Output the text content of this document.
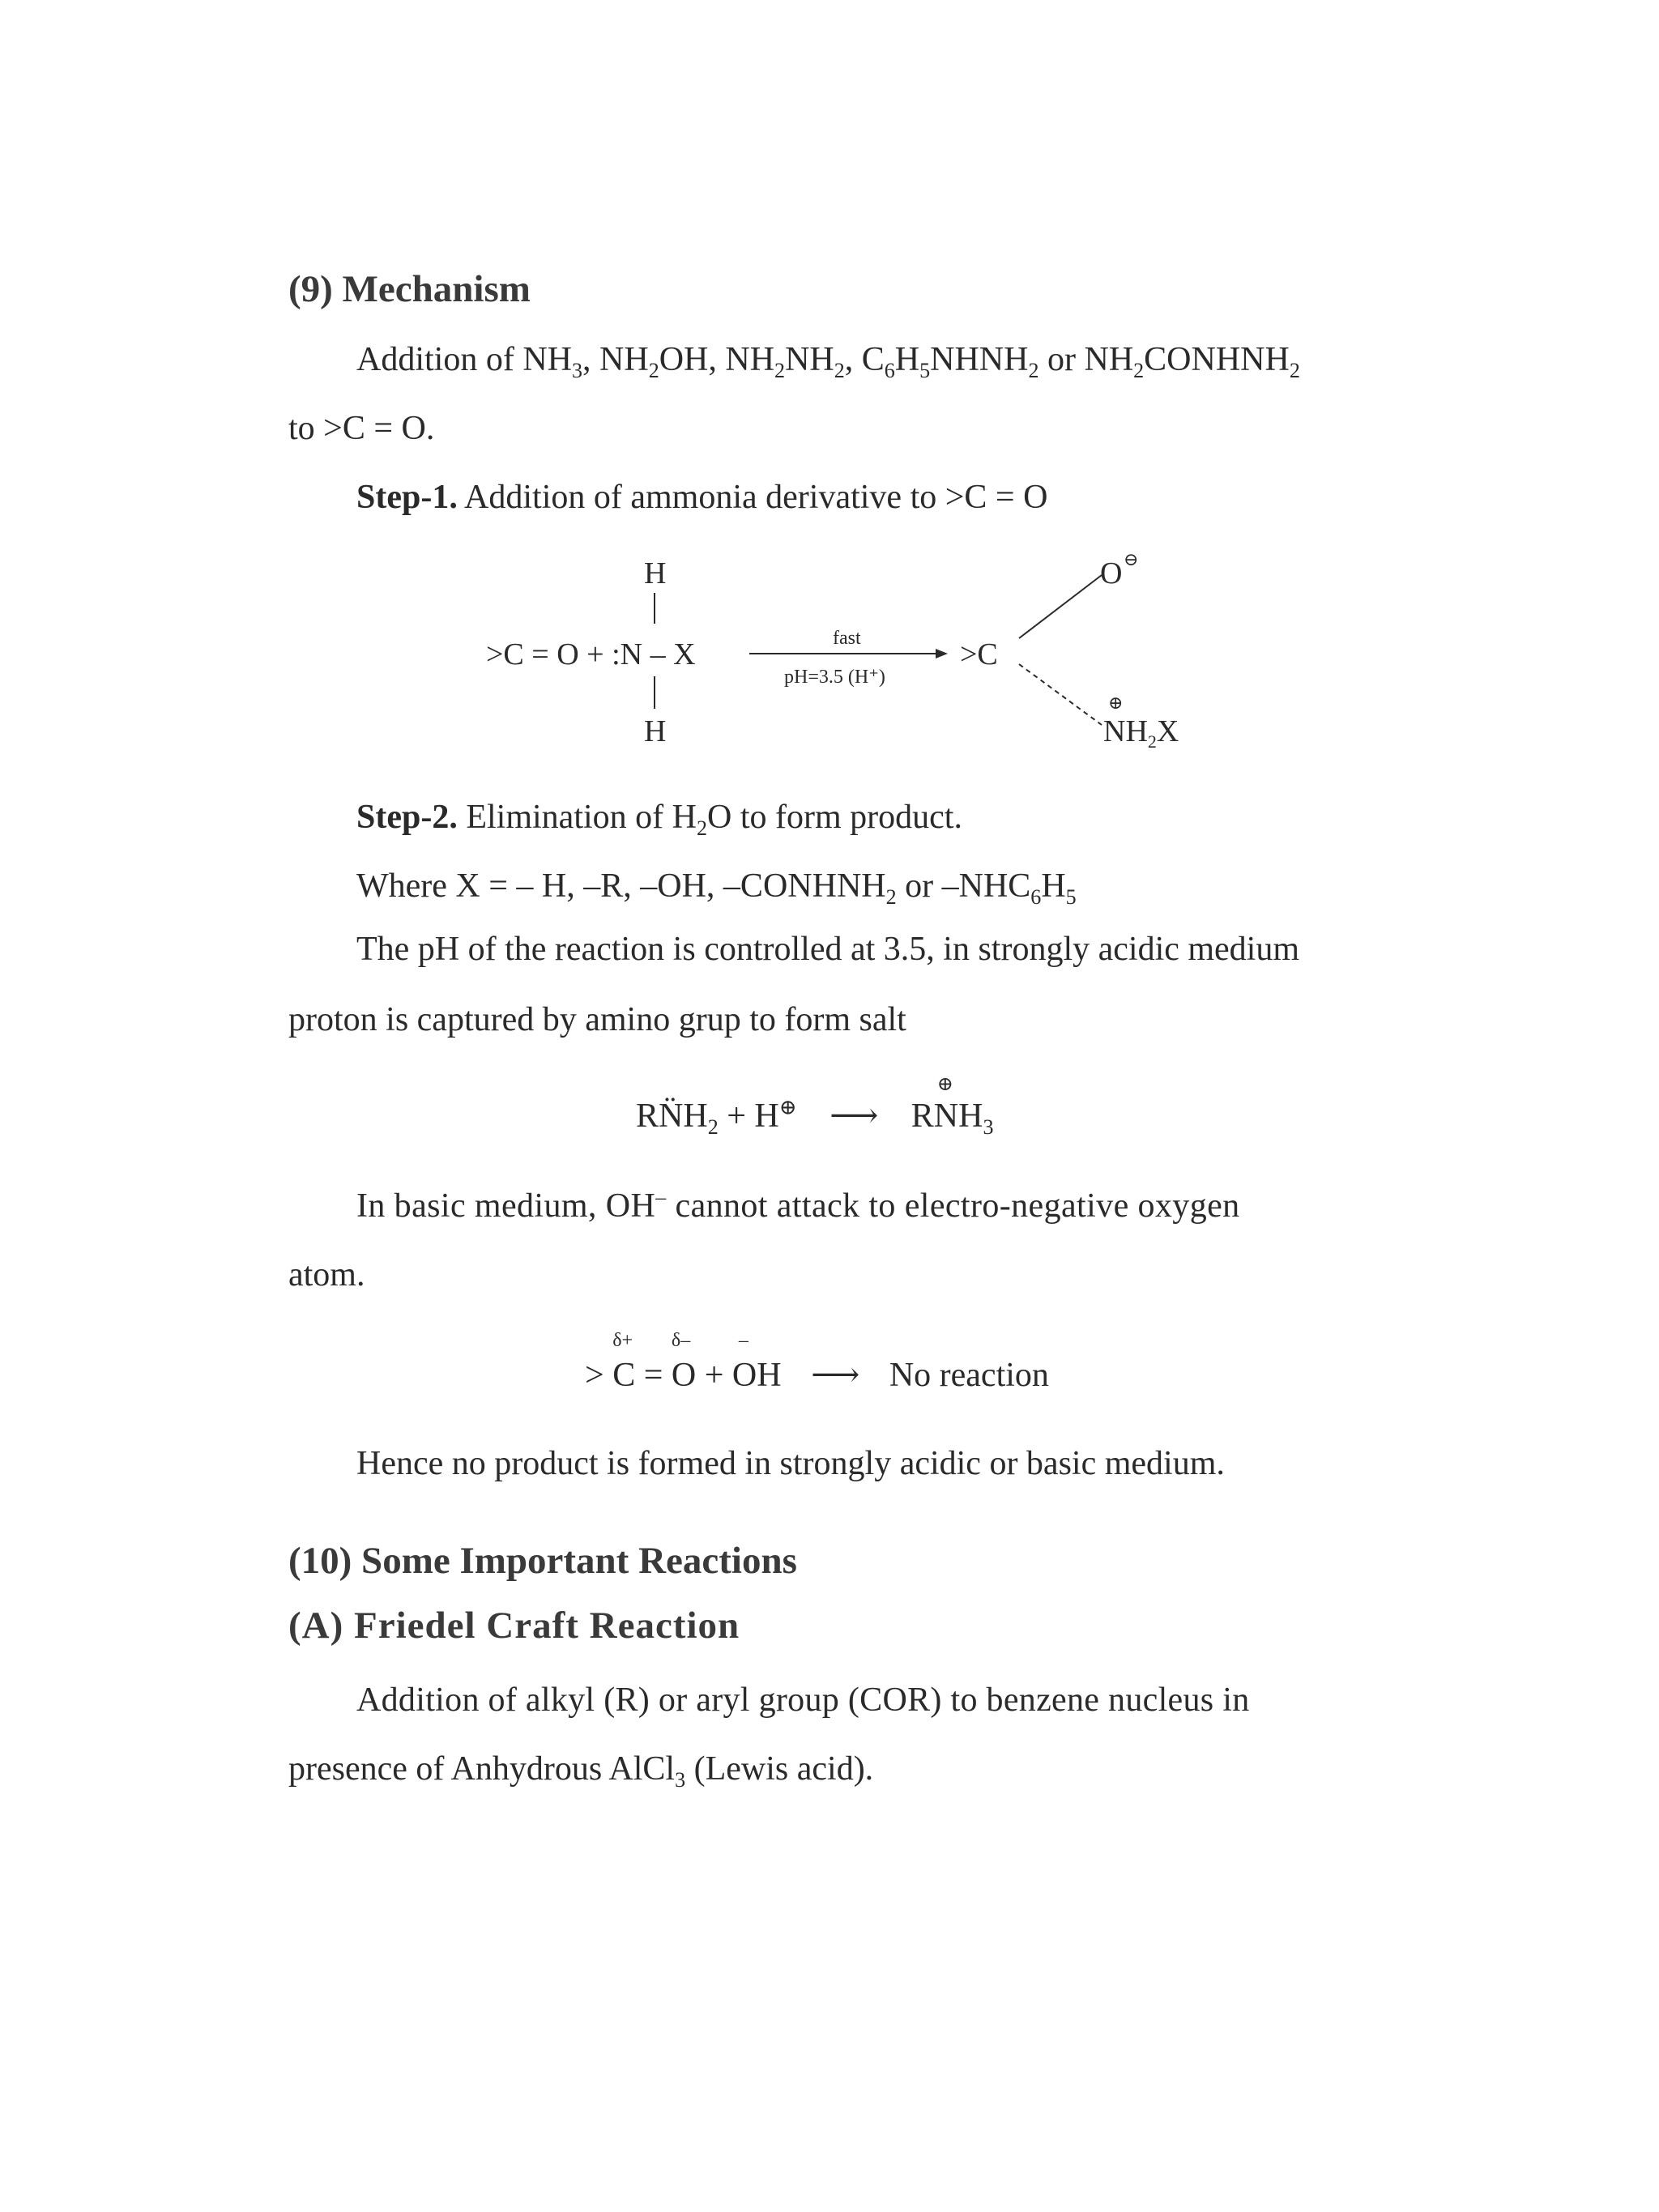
(9) Mechanism
Addition of $NH_3$, $NH_2OH$, $NH_2NH_2$, $C_6H_5NHNH_2$ or $NH_2CONHNH_2$
to >C = O.
Step-1. Addition of ammonia derivative to >C = O
H
>C = O + :N – X
H
fast
pH=3.5 (H⁺)
>C
O ⊖
⊕
$NH_2X$
Step-2. Elimination of $H_2O$ to form product.
Where X = – H, –R, –OH, $-CONHNH_2$ or $-NHC_6H_5$
The pH of the reaction is controlled at 3.5, in strongly acidic medium
proton is captured by amino grup to form salt
$RN̈H_2 + H^\oplus$ ⟶ R
⊕
$NH_3$
In basic medium, OH– cannot attack to electro-negative oxygen
atom.
>
δ+
C =
δ–
O +
–
OH ⟶ No reaction
Hence no product is formed in strongly acidic or basic medium.
(10) Some Important Reactions
(A) Friedel Craft Reaction
Addition of alkyl (R) or aryl group (COR) to benzene nucleus in
presence of Anhydrous AlCl$_3$ (Lewis acid).
